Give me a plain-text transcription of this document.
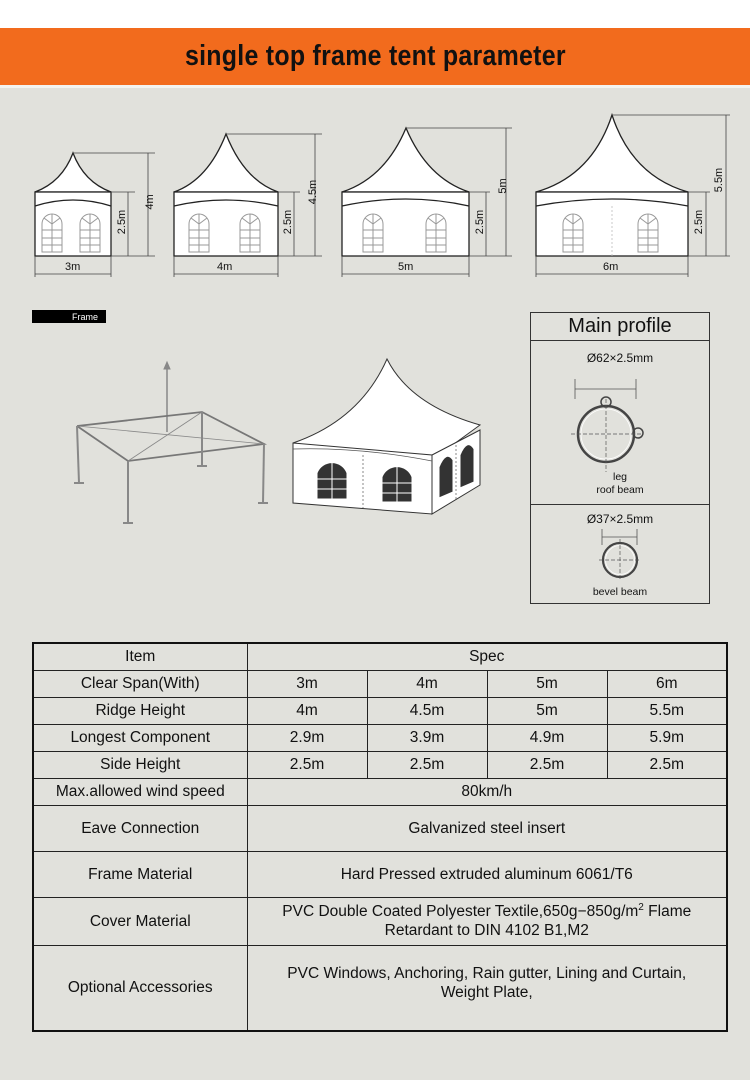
single top frame tent parameter
3m
2.5m
4m
4m
2.5m
4.5m
5m
2.5m
5m
6m
2.5m
5.5m
Frame	Main profile
Ø62×2.5mm
leg
roof beam
Ø37×2.5mm
bevel beam
Item	Spec			
Clear Span(With)	3m	4m	5m	6m
Ridge Height	4m	4.5m	5m	5.5m
Longest Component	2.9m	3.9m	4.9m	5.9m
Side Height	2.5m	2.5m	2.5m	2.5m
Max.allowed wind speed	80km/h			
Eave Connection	Galvanized steel insert			
Frame Material	Hard Pressed extruded aluminum 6061/T6			
Cover Material	PVC Double Coated Polyester $Textile,650g-850g/m^2$ Flame Retardant to DIN 4102 B1,M2			
Optional Accessories	PVC Windows, Anchoring, Rain gutter, Lining and Curtain, Weight Plate,			
